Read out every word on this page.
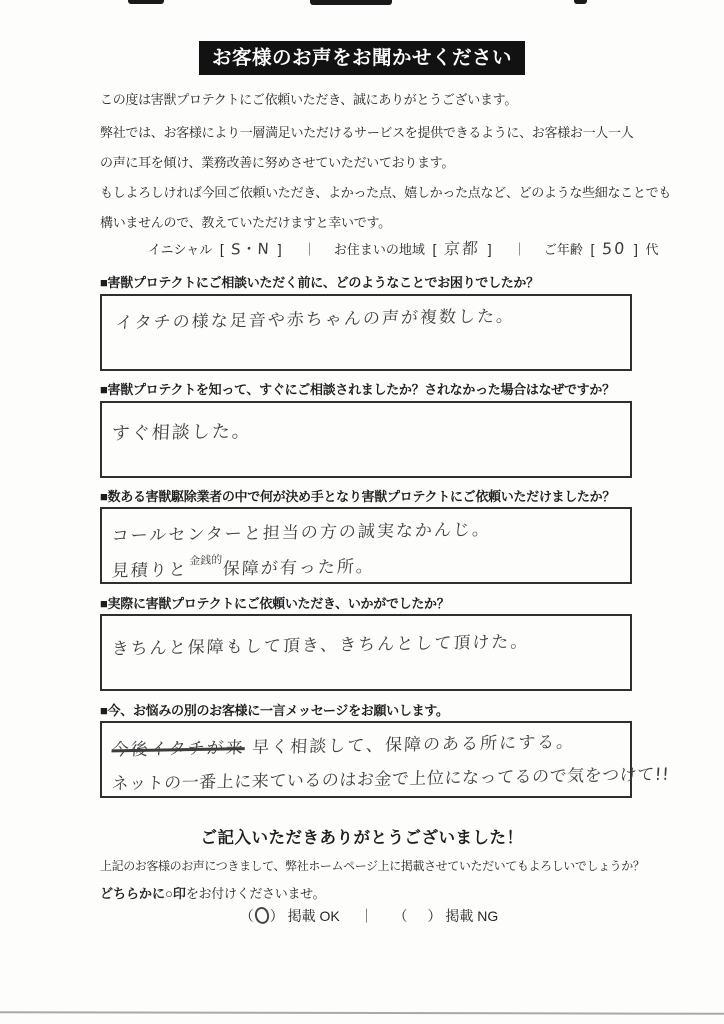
お客様のお声をお聞かせください
この度は害獣プロテクトにご依頼いただき、誠にありがとうございます。
弊社では、お客様により一層満足いただけるサービスを提供できるように、お客様お一人一人
の声に耳を傾け、業務改善に努めさせていただいております。
もしよろしければ今回ご依頼いただき、よかった点、嬉しかった点など、どのような些細なことでも
構いませんので、教えていただけますと幸いです。
イニシャル [ S・N ] ｜ お住まいの地域 [ 京都 ] ｜ ご年齢 [ 50 ] 代
■害獣プロテクトにご相談いただく前に、どのようなことでお困りでしたか？
イタチの様な足音や赤ちゃんの声が複数した。
■害獣プロテクトを知って、すぐにご相談されましたか？されなかった場合はなぜですか？
すぐ相談した。
■数ある害獣駆除業者の中で何が決め手となり害獣プロテクトにご依頼いただけましたか？
コールセンターと担当の方の誠実なかんじ。
見積りと金銭的保障が有った所。
■実際に害獣プロテクトにご依頼いただき、いかがでしたか？
きちんと保障もして頂き、きちんとして頂けた。
■今、お悩みの別のお客様に一言メッセージをお願いします。
今後イタチが来 早く相談して、保障のある所にする。
ネットの一番上に来ているのはお金で上位になってるので気をつけて!!
ご記入いただきありがとうございました！
上記のお客様のお声につきまして、弊社ホームページ上に掲載させていただいてもよろしいでしょうか？
どちらかに○印をお付けくださいませ。
（ ） 掲載 OK ｜ （ ） 掲載 NG
